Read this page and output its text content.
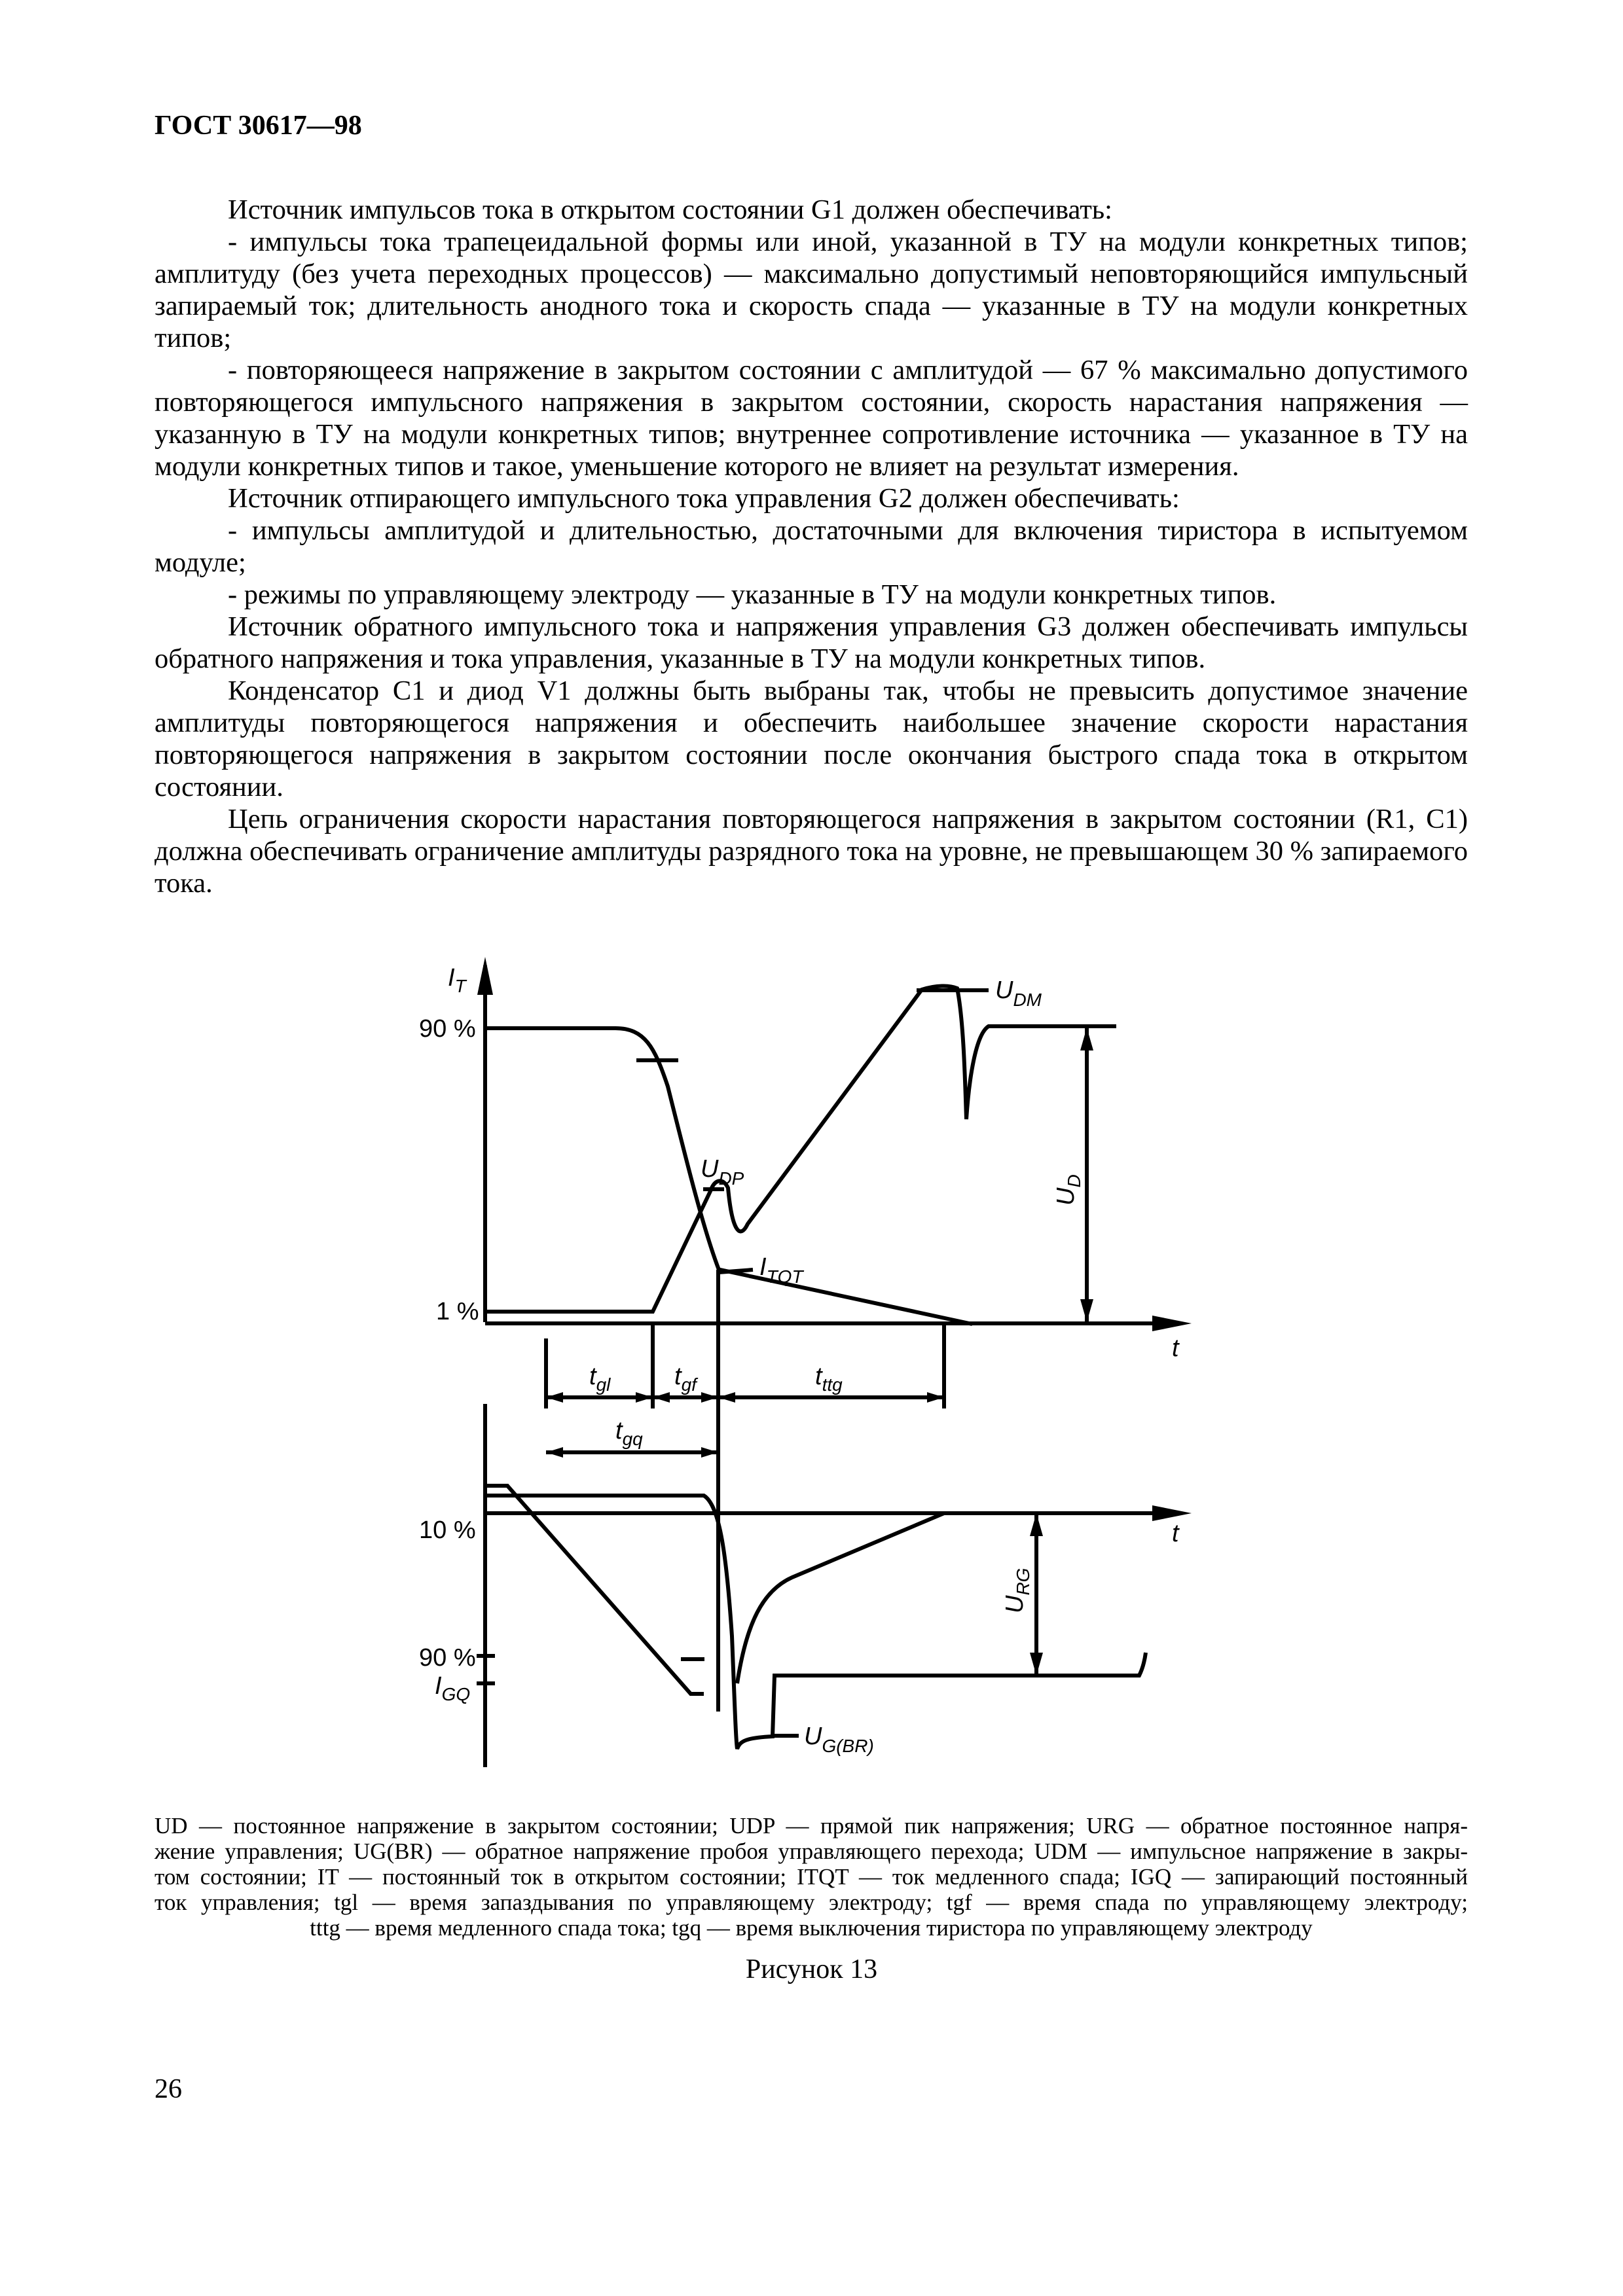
ГОСТ 30617—98

Источник импульсов тока в открытом состоянии G1 должен обеспечивать:

- импульсы тока трапецеидальной формы или иной, указанной в ТУ на модули конкретных типов; амплитуду (без учета переходных процессов) — максимально допустимый неповторяющийся импульсный запираемый ток; длительность анодного тока и скорость спада — указанные в ТУ на модули конкретных типов;

- повторяющееся напряжение в закрытом состоянии с амплитудой — 67 % максимально допустимого повторяющегося импульсного напряжения в закрытом состоянии, скорость нарастания напряжения — указанную в ТУ на модули конкретных типов; внутреннее сопротивление источника — указанное в ТУ на модули конкретных типов и такое, уменьшение которого не влияет на результат измерения.

Источник отпирающего импульсного тока управления G2 должен обеспечивать:

- импульсы амплитудой и длительностью, достаточными для включения тиристора в испытуемом модуле;

- режимы по управляющему электроду — указанные в ТУ на модули конкретных типов.

Источник обратного импульсного тока и напряжения управления G3 должен обеспечивать импульсы обратного напряжения и тока управления, указанные в ТУ на модули конкретных типов.

Конденсатор C1 и диод V1 должны быть выбраны так, чтобы не превысить допустимое значение амплитуды повторяющегося напряжения и обеспечить наибольшее значение скорости нарастания повторяющегося напряжения в закрытом состоянии после окончания быстрого спада тока в открытом состоянии.

Цепь ограничения скорости нарастания повторяющегося напряжения в закрытом состоянии (R1, C1) должна обеспечивать ограничение амплитуды разрядного тока на уровне, не превышающем 30 % запираемого тока.

$I_T$
90 %
1 %
t
$U_{DM}$
$U_{DP}$
$I_{TQT}$
$U_D$
$t_{gl}$	$t_{gf}$	$t_{ttg}$
$t_{gq}$
10 %	t
$U_{RG}$
90 %
$I_{GQ}$
$U_{G(BR)}$
UD — постоянное напряжение в закрытом состоянии; UDP — прямой пик напряжения; URG — обратное постоянное напря-
жение управления; UG(BR) — обратное напряжение пробоя управляющего перехода; UDM — импульсное напряжение в закры-
том состоянии; IT — постоянный ток в открытом состоянии; ITQT — ток медленного спада; IGQ — запирающий постоянный
ток управления; tgl — время запаздывания по управляющему электроду; tgf — время спада по управляющему электроду;
tttg — время медленного спада тока; tgq — время выключения тиристора по управляющему электроду
Рисунок 13
26
